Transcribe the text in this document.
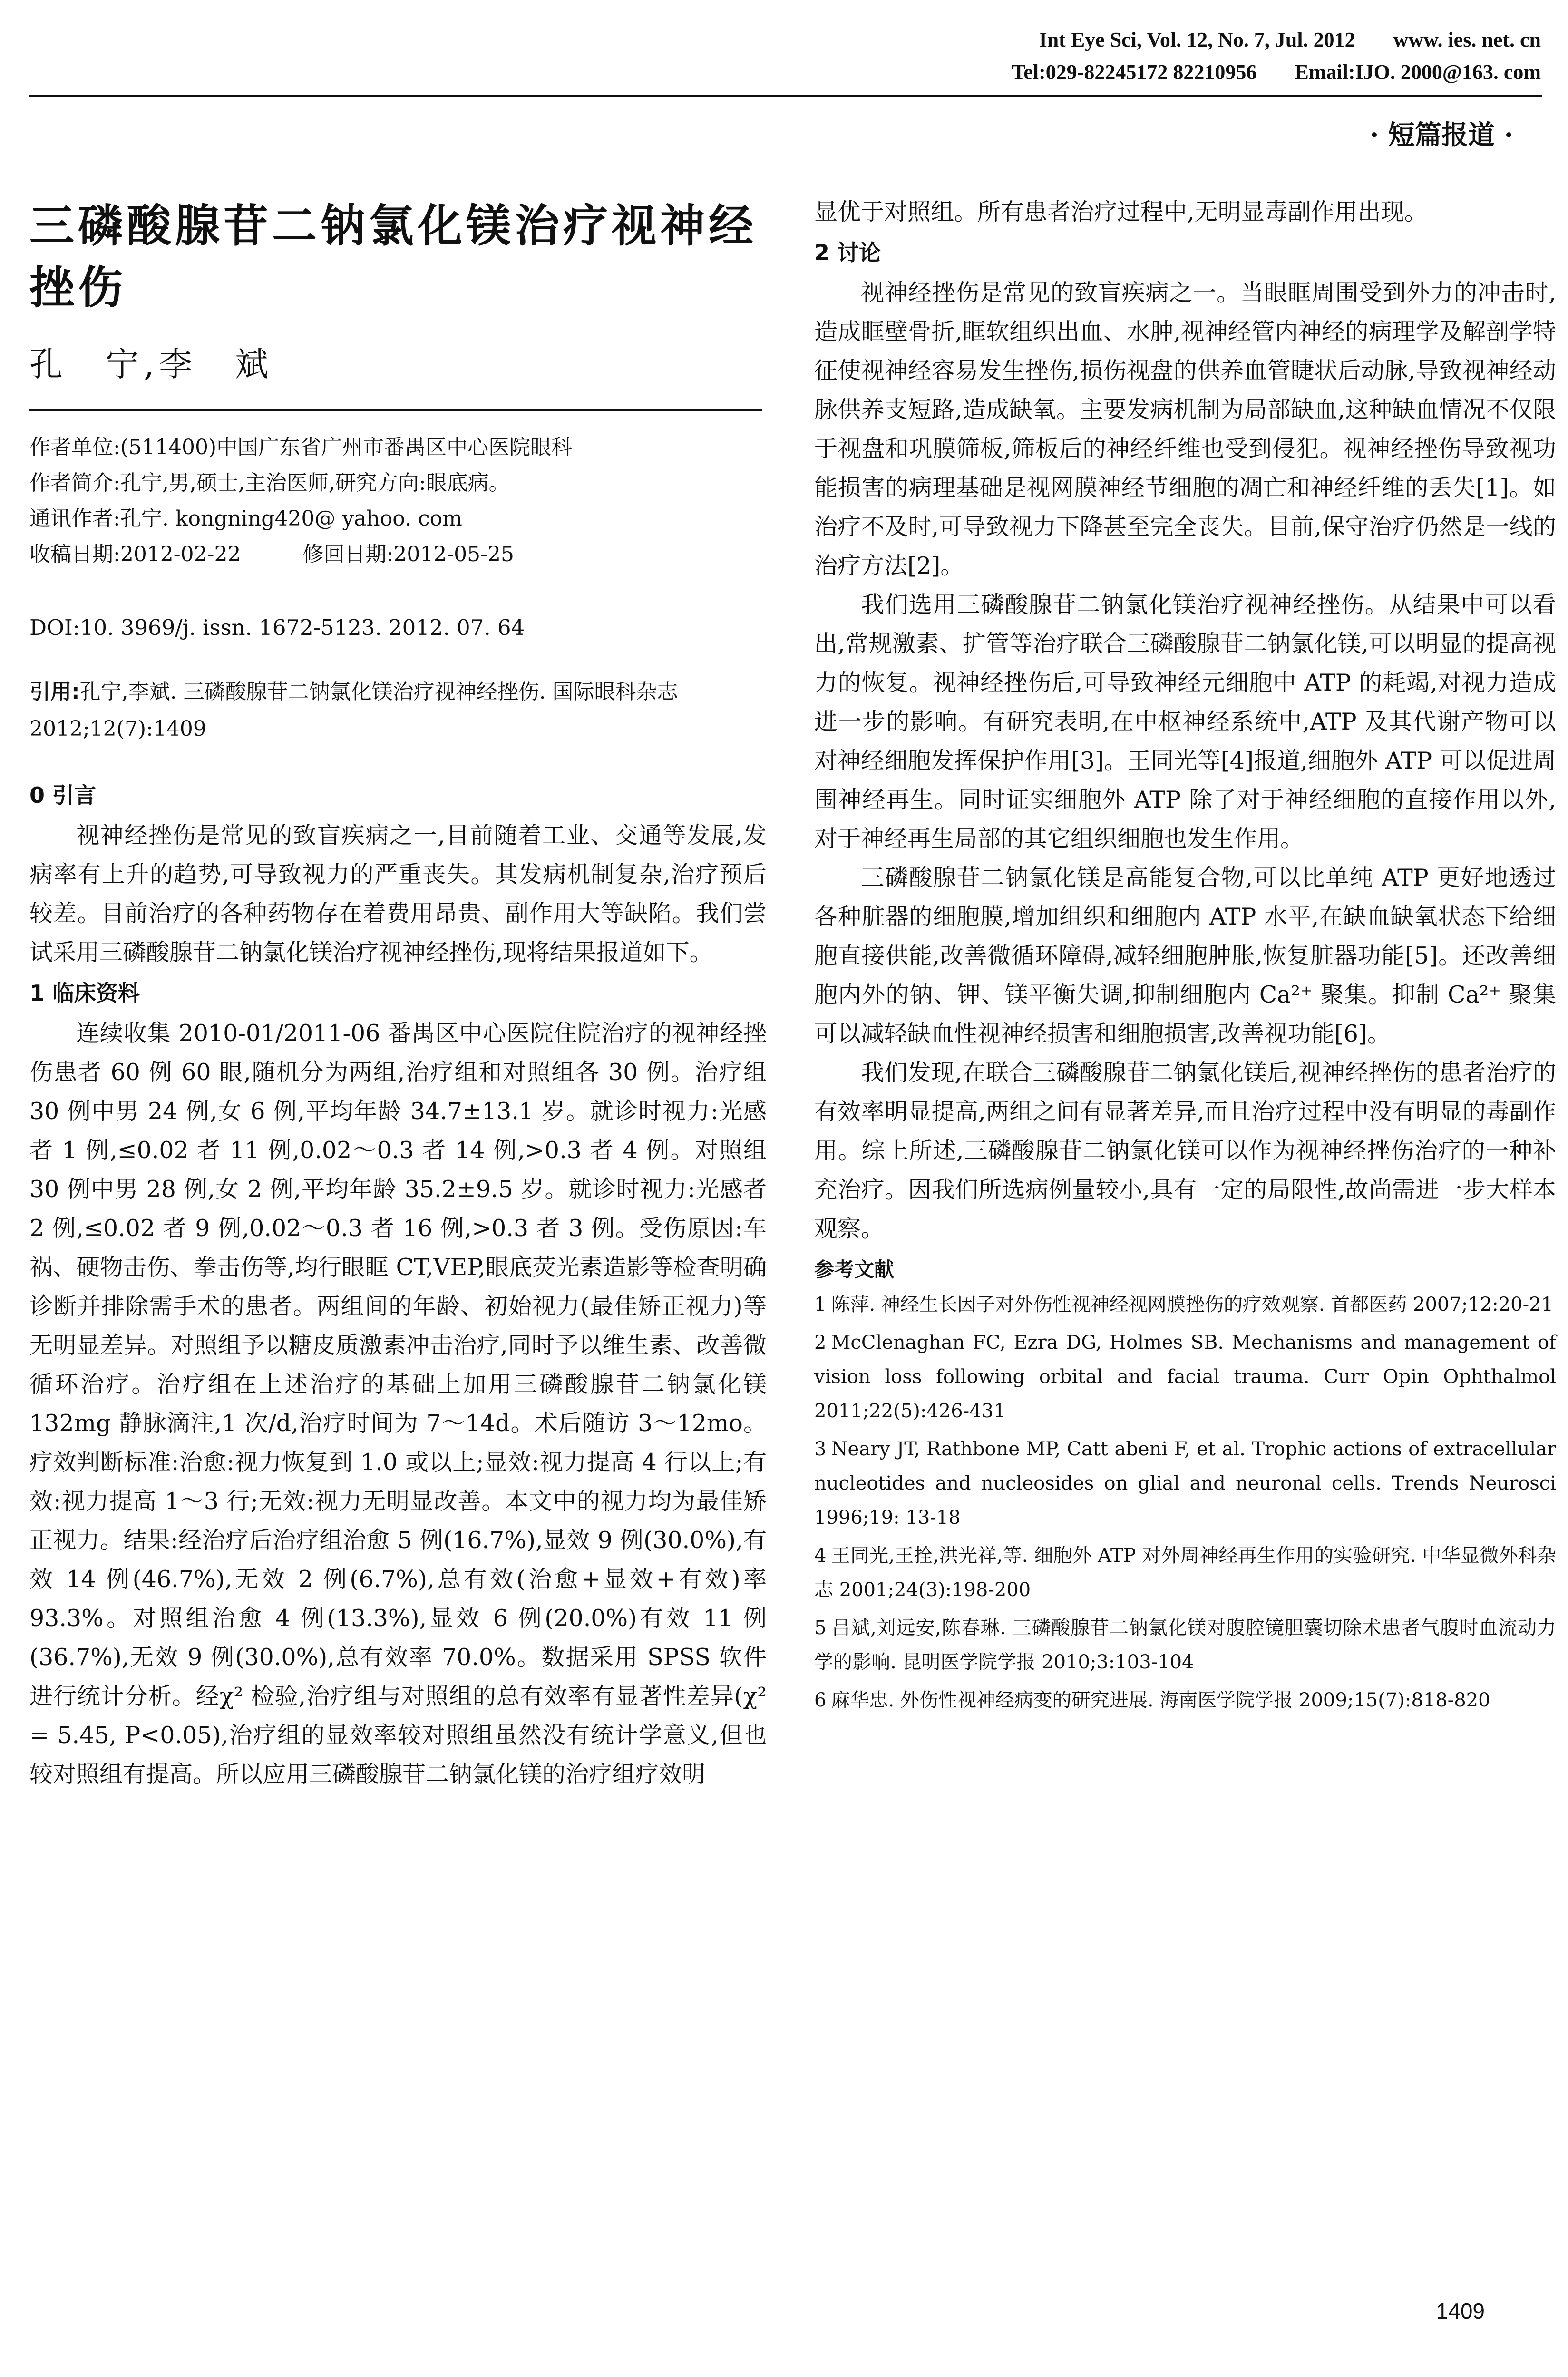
Int Eye Sci, Vol. 12, No. 7, Jul. 2012 www. ies. net. cn
Tel:029-82245172 82210956 Email:IJO. 2000@163. com
· 短篇报道 ·
三磷酸腺苷二钠氯化镁治疗视神经挫伤
孔　宁,李　斌
作者单位:(511400)中国广东省广州市番禺区中心医院眼科
作者简介:孔宁,男,硕士,主治医师,研究方向:眼底病。
通讯作者:孔宁. kongning420@ yahoo. com
收稿日期:2012-02-22	修回日期:2012-05-25
DOI:10. 3969/j. issn. 1672-5123. 2012. 07. 64
引用:孔宁,李斌. 三磷酸腺苷二钠氯化镁治疗视神经挫伤. 国际眼科杂志 2012;12(7):1409
0 引言

视神经挫伤是常见的致盲疾病之一,目前随着工业、交通等发展,发病率有上升的趋势,可导致视力的严重丧失。其发病机制复杂,治疗预后较差。目前治疗的各种药物存在着费用昂贵、副作用大等缺陷。我们尝试采用三磷酸腺苷二钠氯化镁治疗视神经挫伤,现将结果报道如下。

1 临床资料

连续收集 2010-01/2011-06 番禺区中心医院住院治疗的视神经挫伤患者 60 例 60 眼,随机分为两组,治疗组和对照组各 30 例。治疗组 30 例中男 24 例,女 6 例,平均年龄 34.7±13.1 岁。就诊时视力:光感者 1 例,≤0.02 者 11 例,0.02～0.3 者 14 例,>0.3 者 4 例。对照组 30 例中男 28 例,女 2 例,平均年龄 35.2±9.5 岁。就诊时视力:光感者 2 例,≤0.02 者 9 例,0.02～0.3 者 16 例,>0.3 者 3 例。受伤原因:车祸、硬物击伤、拳击伤等,均行眼眶 CT,VEP,眼底荧光素造影等检查明确诊断并排除需手术的患者。两组间的年龄、初始视力(最佳矫正视力)等无明显差异。对照组予以糖皮质激素冲击治疗,同时予以维生素、改善微循环治疗。治疗组在上述治疗的基础上加用三磷酸腺苷二钠氯化镁 132mg 静脉滴注,1 次/d,治疗时间为 7～14d。术后随访 3～12mo。疗效判断标准:治愈:视力恢复到 1.0 或以上;显效:视力提高 4 行以上;有效:视力提高 1～3 行;无效:视力无明显改善。本文中的视力均为最佳矫正视力。结果:经治疗后治疗组治愈 5 例(16.7%),显效 9 例(30.0%),有效 14 例(46.7%),无效 2 例(6.7%),总有效(治愈+显效+有效)率 93.3%。对照组治愈 4 例(13.3%),显效 6 例(20.0%)有效 11 例(36.7%),无效 9 例(30.0%),总有效率 70.0%。数据采用 SPSS 软件进行统计分析。经χ² 检验,治疗组与对照组的总有效率有显著性差异(χ² = 5.45, P<0.05),治疗组的显效率较对照组虽然没有统计学意义,但也较对照组有提高。所以应用三磷酸腺苷二钠氯化镁的治疗组疗效明

显优于对照组。所有患者治疗过程中,无明显毒副作用出现。

2 讨论

视神经挫伤是常见的致盲疾病之一。当眼眶周围受到外力的冲击时,造成眶壁骨折,眶软组织出血、水肿,视神经管内神经的病理学及解剖学特征使视神经容易发生挫伤,损伤视盘的供养血管睫状后动脉,导致视神经动脉供养支短路,造成缺氧。主要发病机制为局部缺血,这种缺血情况不仅限于视盘和巩膜筛板,筛板后的神经纤维也受到侵犯。视神经挫伤导致视功能损害的病理基础是视网膜神经节细胞的凋亡和神经纤维的丢失[1]。如治疗不及时,可导致视力下降甚至完全丧失。目前,保守治疗仍然是一线的治疗方法[2]。

我们选用三磷酸腺苷二钠氯化镁治疗视神经挫伤。从结果中可以看出,常规激素、扩管等治疗联合三磷酸腺苷二钠氯化镁,可以明显的提高视力的恢复。视神经挫伤后,可导致神经元细胞中 ATP 的耗竭,对视力造成进一步的影响。有研究表明,在中枢神经系统中,ATP 及其代谢产物可以对神经细胞发挥保护作用[3]。王同光等[4]报道,细胞外 ATP 可以促进周围神经再生。同时证实细胞外 ATP 除了对于神经细胞的直接作用以外,对于神经再生局部的其它组织细胞也发生作用。

三磷酸腺苷二钠氯化镁是高能复合物,可以比单纯 ATP 更好地透过各种脏器的细胞膜,增加组织和细胞内 ATP 水平,在缺血缺氧状态下给细胞直接供能,改善微循环障碍,减轻细胞肿胀,恢复脏器功能[5]。还改善细胞内外的钠、钾、镁平衡失调,抑制细胞内 Ca²⁺ 聚集。抑制 Ca²⁺ 聚集可以减轻缺血性视神经损害和细胞损害,改善视功能[6]。

我们发现,在联合三磷酸腺苷二钠氯化镁后,视神经挫伤的患者治疗的有效率明显提高,两组之间有显著差异,而且治疗过程中没有明显的毒副作用。综上所述,三磷酸腺苷二钠氯化镁可以作为视神经挫伤治疗的一种补充治疗。因我们所选病例量较小,具有一定的局限性,故尚需进一步大样本观察。

参考文献

1 陈萍. 神经生长因子对外伤性视神经视网膜挫伤的疗效观察. 首都医药 2007;12:20-21

2 McClenaghan FC, Ezra DG, Holmes SB. Mechanisms and management of vision loss following orbital and facial trauma. Curr Opin Ophthalmol 2011;22(5):426-431

3 Neary JT, Rathbone MP, Catt abeni F, et al. Trophic actions of extracellular nucleotides and nucleosides on glial and neuronal cells. Trends Neurosci 1996;19: 13-18

4 王同光,王拴,洪光祥,等. 细胞外 ATP 对外周神经再生作用的实验研究. 中华显微外科杂志 2001;24(3):198-200

5 吕斌,刘远安,陈春琳. 三磷酸腺苷二钠氯化镁对腹腔镜胆囊切除术患者气腹时血流动力学的影响. 昆明医学院学报 2010;3:103-104

6 麻华忠. 外伤性视神经病变的研究进展. 海南医学院学报 2009;15(7):818-820

1409
